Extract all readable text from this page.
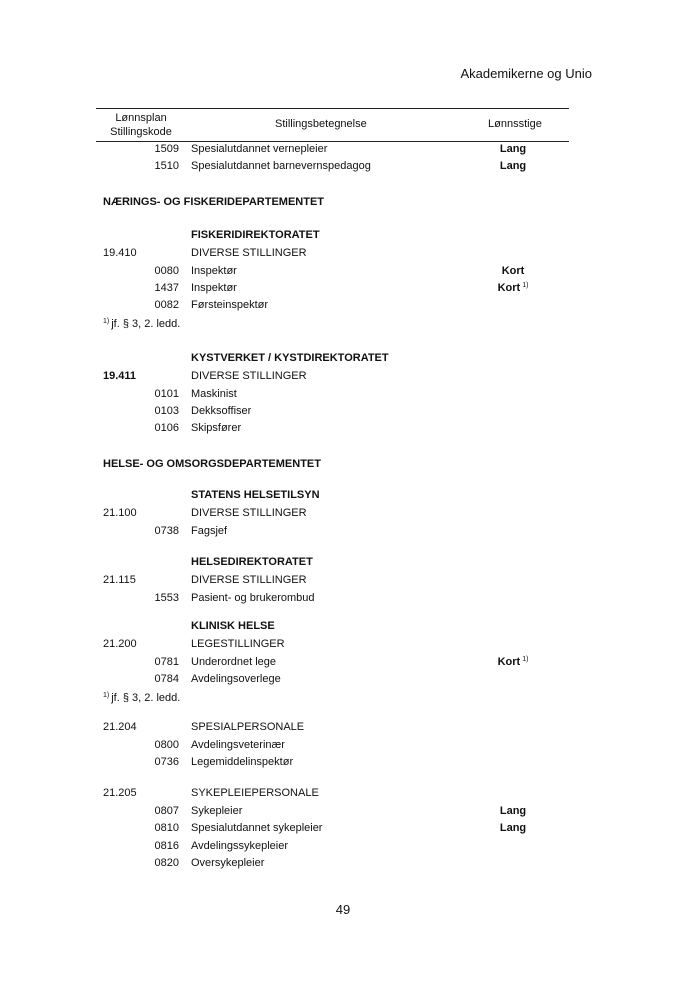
Akademikerne og Unio
Lønnsplan
Stillingskode
Stillingsbetegnelse	Lønnsstige
1509 Spesialutdannet vernepleier	Lang
1510 Spesialutdannet barnevernspedagog	Lang
NÆRINGS- OG FISKERIDEPARTEMENTET
FISKERIDIREKTORATET
19.410	DIVERSE STILLINGER
0080 Inspektør	Kort
1437 Inspektør	Kort $^{1)}$
0082 Førsteinspektør
$^{1)}$ jf. § 3, 2. ledd.
KYSTVERKET / KYSTDIREKTORATET
19.411	DIVERSE STILLINGER
0101 Maskinist
0103 Dekksoffiser
0106 Skipsfører
HELSE- OG OMSORGSDEPARTEMENTET
STATENS HELSETILSYN
21.100	DIVERSE STILLINGER
0738 Fagsjef
HELSEDIREKTORATET
21.115	DIVERSE STILLINGER
1553 Pasient- og brukerombud
KLINISK HELSE
21.200	LEGESTILLINGER
0781 Underordnet lege	Kort $^{1)}$
0784 Avdelingsoverlege
$^{1)}$ jf. § 3, 2. ledd.
21.204	SPESIALPERSONALE
0800 Avdelingsveterinær
0736 Legemiddelinspektør
21.205	SYKEPLEIEPERSONALE
0807 Sykepleier	Lang
0810 Spesialutdannet sykepleier	Lang
0816 Avdelingssykepleier
0820 Oversykepleier
49
